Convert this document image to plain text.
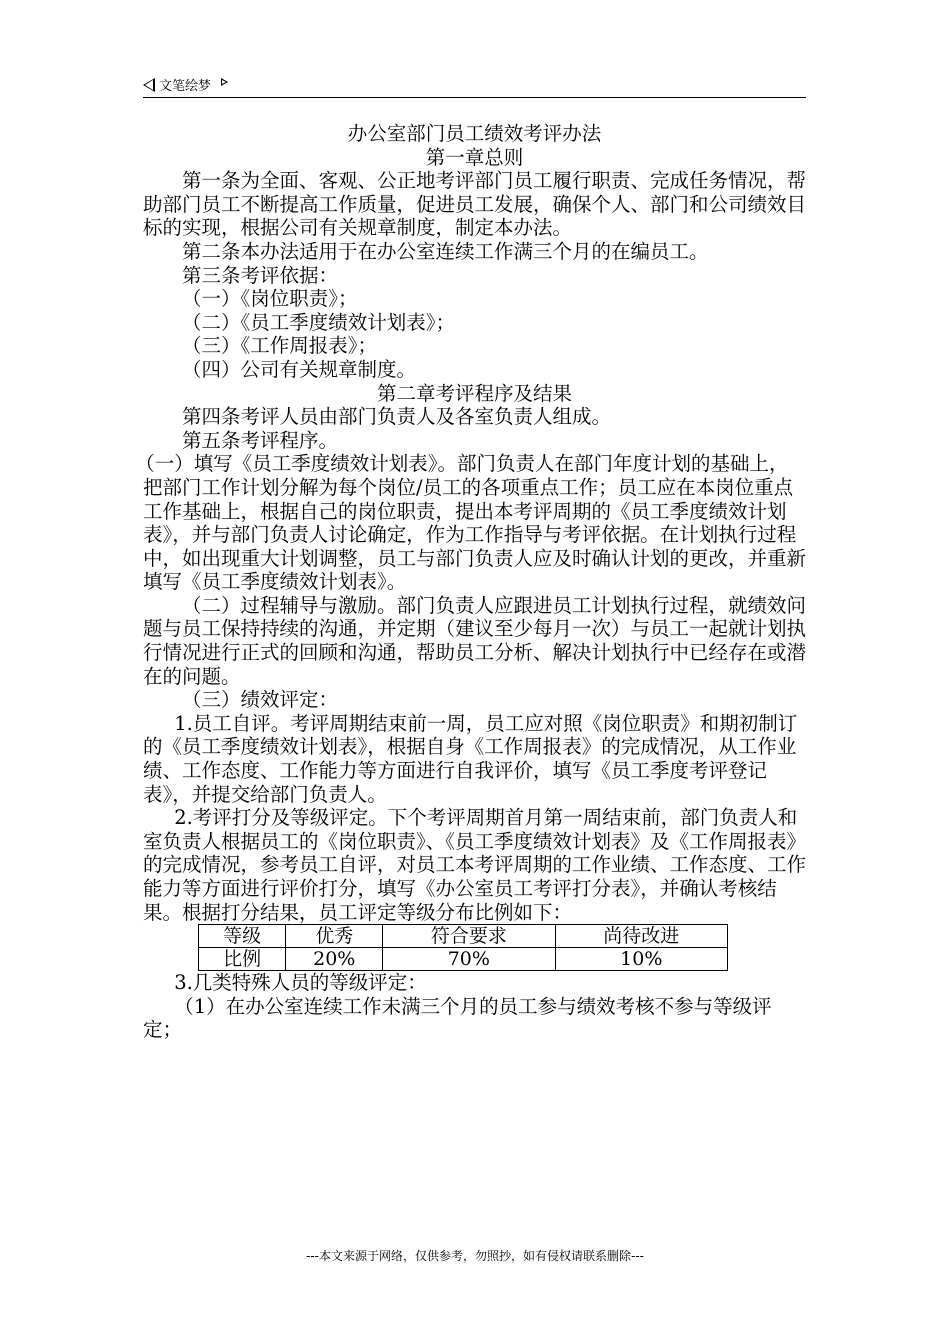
文笔绘梦

办公室部门员工绩效考评办法

第一章总则

第一条为全面、客观、公正地考评部门员工履行职责、完成任务情况，帮助部门员工不断提高工作质量，促进员工发展，确保个人、部门和公司绩效目标的实现，根据公司有关规章制度，制定本办法。

第二条本办法适用于在办公室连续工作满三个月的在编员工。

第三条考评依据：

（一）《岗位职责》；

（二）《员工季度绩效计划表》；

（三）《工作周报表》；

（四）公司有关规章制度。

第二章考评程序及结果

第四条考评人员由部门负责人及各室负责人组成。

第五条考评程序。

（一）填写《员工季度绩效计划表》。部门负责人在部门年度计划的基础上，把部门工作计划分解为每个岗位/员工的各项重点工作；员工应在本岗位重点工作基础上，根据自己的岗位职责，提出本考评周期的《员工季度绩效计划表》，并与部门负责人讨论确定，作为工作指导与考评依据。在计划执行过程中，如出现重大计划调整，员工与部门负责人应及时确认计划的更改，并重新填写《员工季度绩效计划表》。

（二）过程辅导与激励。部门负责人应跟进员工计划执行过程，就绩效问题与员工保持持续的沟通，并定期（建议至少每月一次）与员工一起就计划执行情况进行正式的回顾和沟通，帮助员工分析、解决计划执行中已经存在或潜在的问题。

（三）绩效评定：

1.员工自评。考评周期结束前一周，员工应对照《岗位职责》和期初制订的《员工季度绩效计划表》，根据自身《工作周报表》的完成情况，从工作业绩、工作态度、工作能力等方面进行自我评价，填写《员工季度考评登记表》，并提交给部门负责人。

2.考评打分及等级评定。下个考评周期首月第一周结束前，部门负责人和室负责人根据员工的《岗位职责》、《员工季度绩效计划表》及《工作周报表》的完成情况，参考员工自评，对员工本考评周期的工作业绩、工作态度、工作能力等方面进行评价打分，填写《办公室员工考评打分表》，并确认考核结果。根据打分结果，员工评定等级分布比例如下：

等级	优秀	符合要求	尚待改进
比例	20%	70%	10%

3.几类特殊人员的等级评定：

（1）在办公室连续工作未满三个月的员工参与绩效考核不参与等级评定；

---本文来源于网络，仅供参考，勿照抄，如有侵权请联系删除---
